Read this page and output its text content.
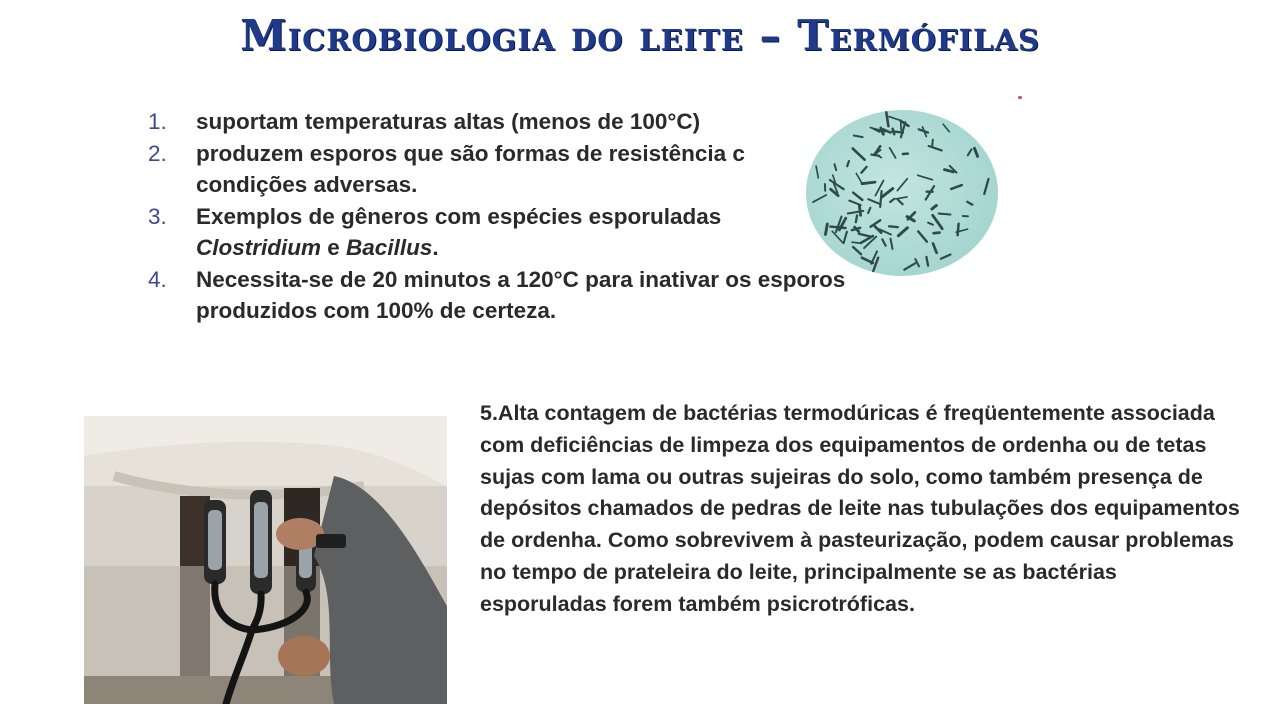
Microbiologia do leite – Termófilas
1.	suportam temperaturas altas (menos de 100°C)
2.	produzem esporos que são formas de resistência c condições adversas.
3.	Exemplos de gêneros com espécies esporuladas
Clostridium e Bacillus.
4.	Necessita-se de 20 minutos a 120°C para inativar os esporos produzidos com 100% de certeza.

5.Alta contagem de bactérias termodúricas é freqüentemente associada com deficiências de limpeza dos equipamentos de ordenha ou de tetas sujas com lama ou outras sujeiras do solo, como também presença de depósitos chamados de pedras de leite nas tubulações dos equipamentos de ordenha. Como sobrevivem à pasteurização, podem causar problemas no tempo de prateleira do leite, principalmente se as bactérias esporuladas forem também psicrotróficas.
